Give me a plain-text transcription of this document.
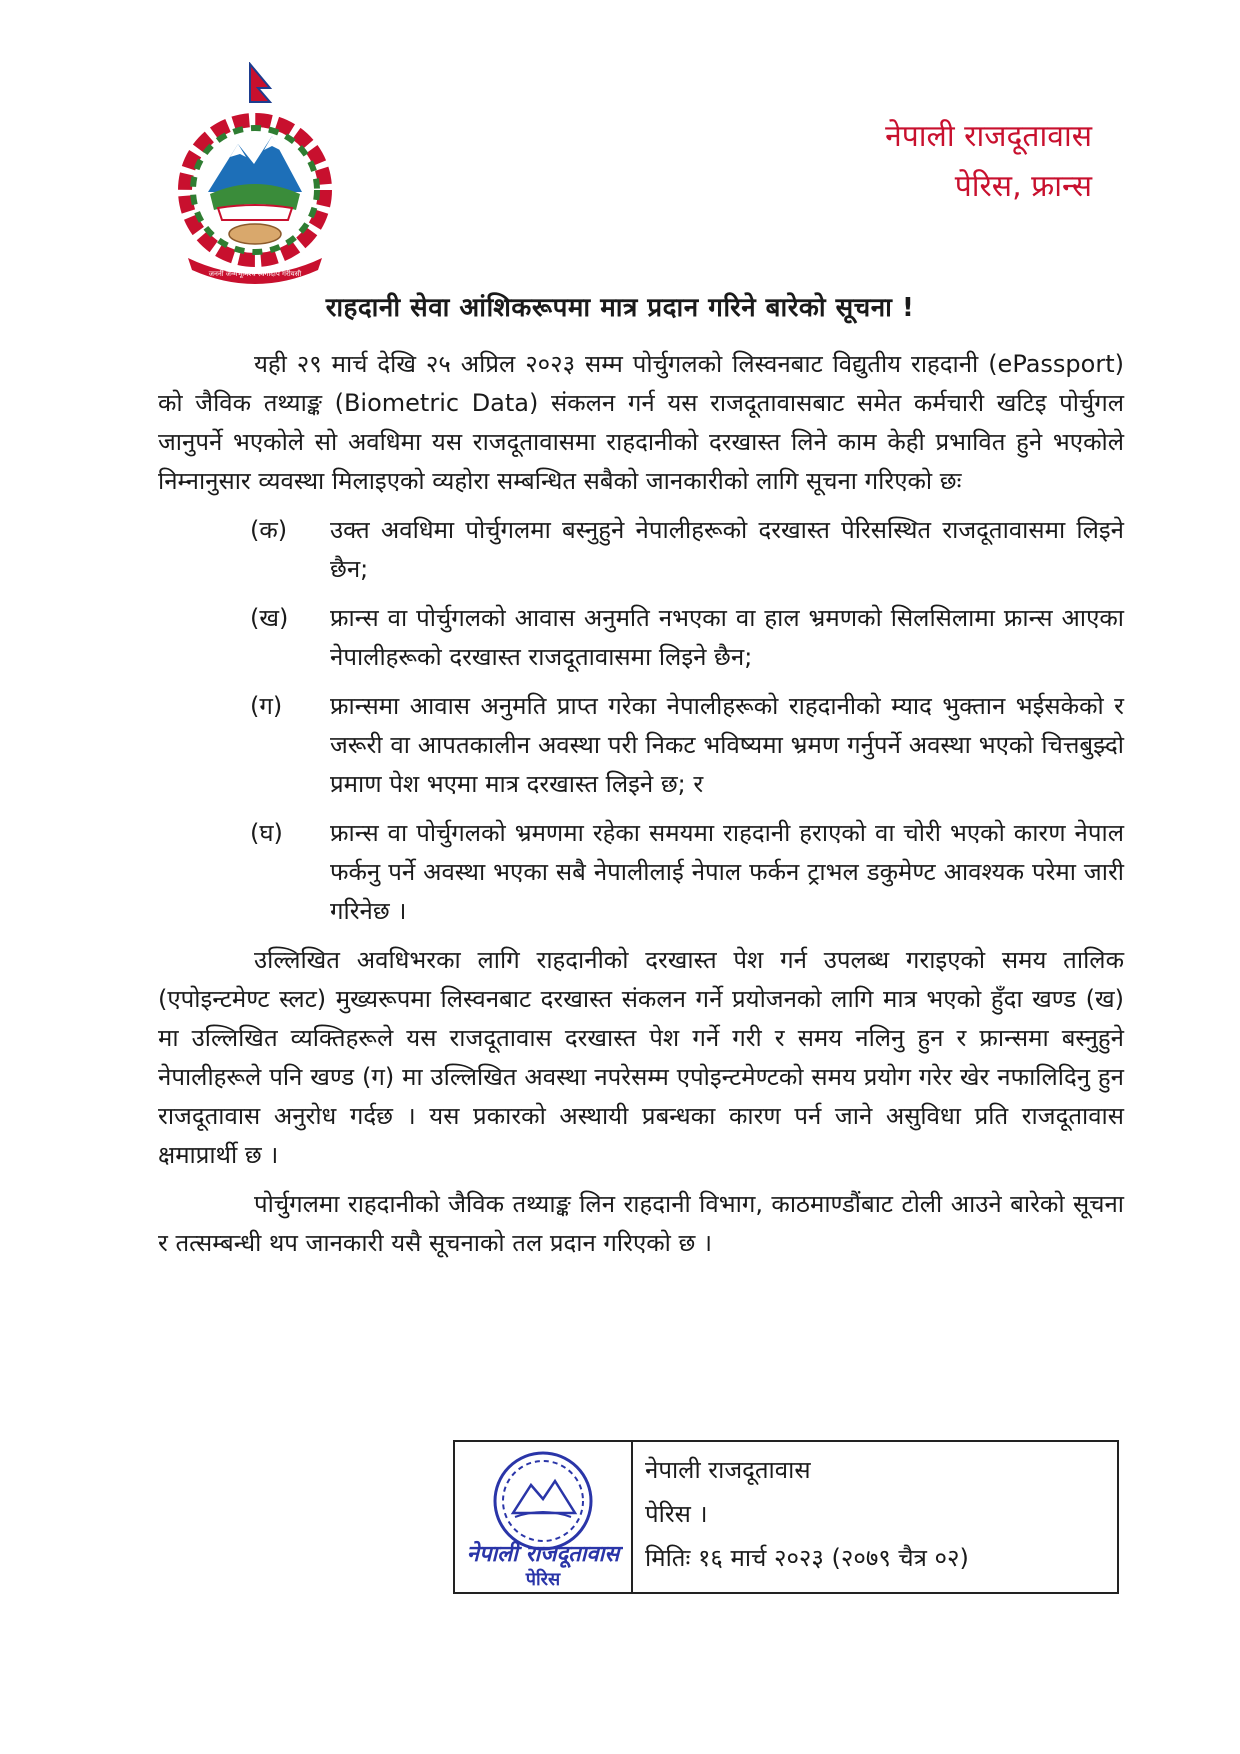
जननी जन्मभूमिश्च स्वर्गादपि गरीयसी
नेपाली राजदूतावास
पेरिस, फ्रान्स
राहदानी सेवा आंशिकरूपमा मात्र प्रदान गरिने बारेको सूचना !

यही २९ मार्च देखि २५ अप्रिल २०२३ सम्म पोर्चुगलको लिस्वनबाट विद्युतीय राहदानी (ePassport) को जैविक तथ्याङ्क (Biometric Data) संकलन गर्न यस राजदूतावासबाट समेत कर्मचारी खटिइ पोर्चुगल जानुपर्ने भएकोले सो अवधिमा यस राजदूतावासमा राहदानीको दरखास्त लिने काम केही प्रभावित हुने भएकोले निम्नानुसार व्यवस्था मिलाइएको व्यहोरा सम्बन्धित सबैको जानकारीको लागि सूचना गरिएको छः

(क)	उक्त अवधिमा पोर्चुगलमा बस्नुहुने नेपालीहरूको दरखास्त पेरिसस्थित राजदूतावासमा लिइने छैन;
(ख)	फ्रान्स वा पोर्चुगलको आवास अनुमति नभएका वा हाल भ्रमणको सिलसिलामा फ्रान्स आएका नेपालीहरूको दरखास्त राजदूतावासमा लिइने छैन;
(ग)	फ्रान्समा आवास अनुमति प्राप्त गरेका नेपालीहरूको राहदानीको म्याद भुक्तान भईसकेको र जरूरी वा आपतकालीन अवस्था परी निकट भविष्यमा भ्रमण गर्नुपर्ने अवस्था भएको चित्तबुझ्दो प्रमाण पेश भएमा मात्र दरखास्त लिइने छ; र
(घ)	फ्रान्स वा पोर्चुगलको भ्रमणमा रहेका समयमा राहदानी हराएको वा चोरी भएको कारण नेपाल फर्कनु पर्ने अवस्था भएका सबै नेपालीलाई नेपाल फर्कन ट्राभल डकुमेण्ट आवश्यक परेमा जारी गरिनेछ ।

उल्लिखित अवधिभरका लागि राहदानीको दरखास्त पेश गर्न उपलब्ध गराइएको समय तालिक (एपोइन्टमेण्ट स्लट) मुख्यरूपमा लिस्वनबाट दरखास्त संकलन गर्ने प्रयोजनको लागि मात्र भएको हुँदा खण्ड (ख) मा उल्लिखित व्यक्तिहरूले यस राजदूतावास दरखास्त पेश गर्ने गरी र समय नलिनु हुन र फ्रान्समा बस्नुहुने नेपालीहरूले पनि खण्ड (ग) मा उल्लिखित अवस्था नपरेसम्म एपोइन्टमेण्टको समय प्रयोग गरेर खेर नफालिदिनु हुन राजदूतावास अनुरोध गर्दछ । यस प्रकारको अस्थायी प्रबन्धका कारण पर्न जाने असुविधा प्रति राजदूतावास क्षमाप्रार्थी छ ।

पोर्चुगलमा राहदानीको जैविक तथ्याङ्क लिन राहदानी विभाग, काठमाण्डौंबाट टोली आउने बारेको सूचना र तत्सम्बन्धी थप जानकारी यसै सूचनाको तल प्रदान गरिएको छ ।

नेपाली राजदूतावास
पेरिस
नेपाली राजदूतावास
पेरिस ।
मितिः १६ मार्च २०२३ (२०७९ चैत्र ०२)
